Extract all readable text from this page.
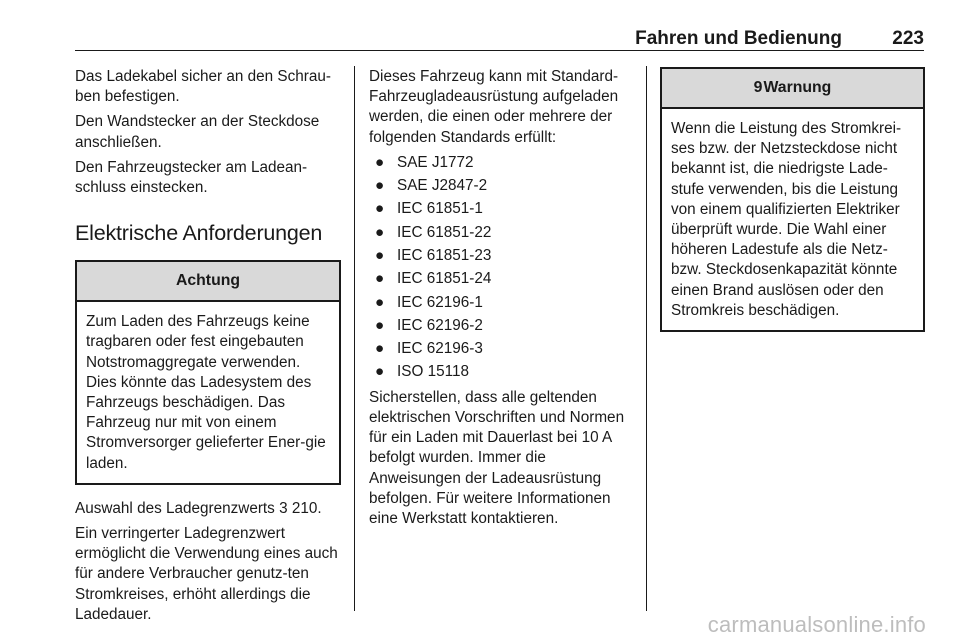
Fahren und Bedienung	223

Das Ladekabel sicher an den Schrau-ben befestigen.

Den Wandstecker an der Steckdose anschließen.

Den Fahrzeugstecker am Ladean-schluss einstecken.

Elektrische Anforderungen
Achtung
Zum Laden des Fahrzeugs keine tragbaren oder fest eingebauten Notstromaggregate verwenden. Dies könnte das Ladesystem des Fahrzeugs beschädigen. Das Fahrzeug nur mit von einem Stromversorger gelieferter Ener-gie laden.

Auswahl des Ladegrenzwerts 3 210.

Ein verringerter Ladegrenzwert ermöglicht die Verwendung eines auch für andere Verbraucher genutz-ten Stromkreises, erhöht allerdings die Ladedauer.

Dieses Fahrzeug kann mit Standard-Fahrzeugladeausrüstung aufgeladen werden, die einen oder mehrere der folgenden Standards erfüllt:

● SAE J1772
● SAE J2847-2
● IEC 61851-1
● IEC 61851-22
● IEC 61851-23
● IEC 61851-24
● IEC 62196-1
● IEC 62196-2
● IEC 62196-3
● ISO 15118

Sicherstellen, dass alle geltenden elektrischen Vorschriften und Normen für ein Laden mit Dauerlast bei 10 A befolgt wurden. Immer die Anweisungen der Ladeausrüstung befolgen. Für weitere Informationen eine Werkstatt kontaktieren.

9Warnung
Wenn die Leistung des Stromkrei-ses bzw. der Netzsteckdose nicht bekannt ist, die niedrigste Lade-stufe verwenden, bis die Leistung von einem qualifizierten Elektriker überprüft wurde. Die Wahl einer höheren Ladestufe als die Netz-bzw. Steckdosenkapazität könnte einen Brand auslösen oder den Stromkreis beschädigen.
carmanualsonline.info
